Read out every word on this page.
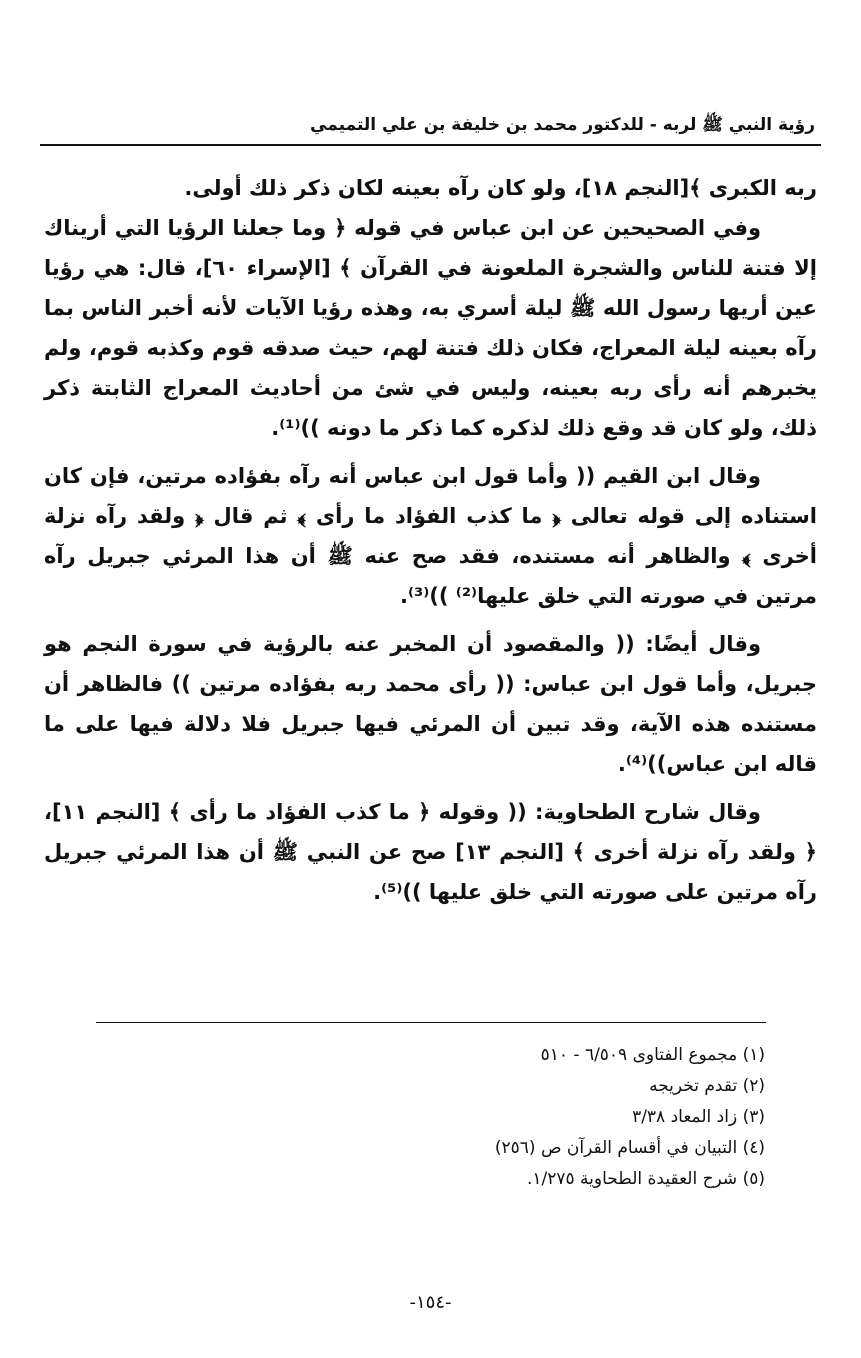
رؤية النبي ﷺ لربه - للدكتور محمد بن خليفة بن علي التميمي

ربه الكبرى ﴾[النجم ١٨]، ولو كان رآه بعينه لكان ذكر ذلك أولى.

وفي الصحيحين عن ابن عباس في قوله ﴿ وما جعلنا الرؤيا التي أريناك إلا فتنة للناس والشجرة الملعونة في القرآن ﴾ [الإسراء ٦٠]، قال: هي رؤيا عين أريها رسول الله ﷺ ليلة أسري به، وهذه رؤيا الآيات لأنه أخبر الناس بما رآه بعينه ليلة المعراج، فكان ذلك فتنة لهم، حيث صدقه قوم وكذبه قوم، ولم يخبرهم أنه رأى ربه بعينه، وليس في شئ من أحاديث المعراج الثابتة ذكر ذلك، ولو كان قد وقع ذلك لذكره كما ذكر ما دونه ))⁽¹⁾.

وقال ابن القيم (( وأما قول ابن عباس أنه رآه بفؤاده مرتين، فإن كان استناده إلى قوله تعالى ﴿ ما كذب الفؤاد ما رأى ﴾ ثم قال ﴿ ولقد رآه نزلة أخرى ﴾ والظاهر أنه مستنده، فقد صح عنه ﷺ أن هذا المرئي جبريل رآه مرتين في صورته التي خلق عليها⁽²⁾ ))⁽³⁾.

وقال أيضًا: (( والمقصود أن المخبر عنه بالرؤية في سورة النجم هو جبريل، وأما قول ابن عباس: (( رأى محمد ربه بفؤاده مرتين )) فالظاهر أن مستنده هذه الآية، وقد تبين أن المرئي فيها جبريل فلا دلالة فيها على ما قاله ابن عباس))⁽⁴⁾.

وقال شارح الطحاوية: (( وقوله ﴿ ما كذب الفؤاد ما رأى ﴾ [النجم ١١]، ﴿ ولقد رآه نزلة أخرى ﴾ [النجم ١٣] صح عن النبي ﷺ أن هذا المرئي جبريل رآه مرتين على صورته التي خلق عليها ))⁽⁵⁾.

(١) مجموع الفتاوى ٦/٥٠٩ - ٥١٠
(٢) تقدم تخريجه
(٣) زاد المعاد ٣/٣٨
(٤) التبيان في أقسام القرآن ص (٢٥٦)
(٥) شرح العقيدة الطحاوية ١/٢٧٥.
-١٥٤-
